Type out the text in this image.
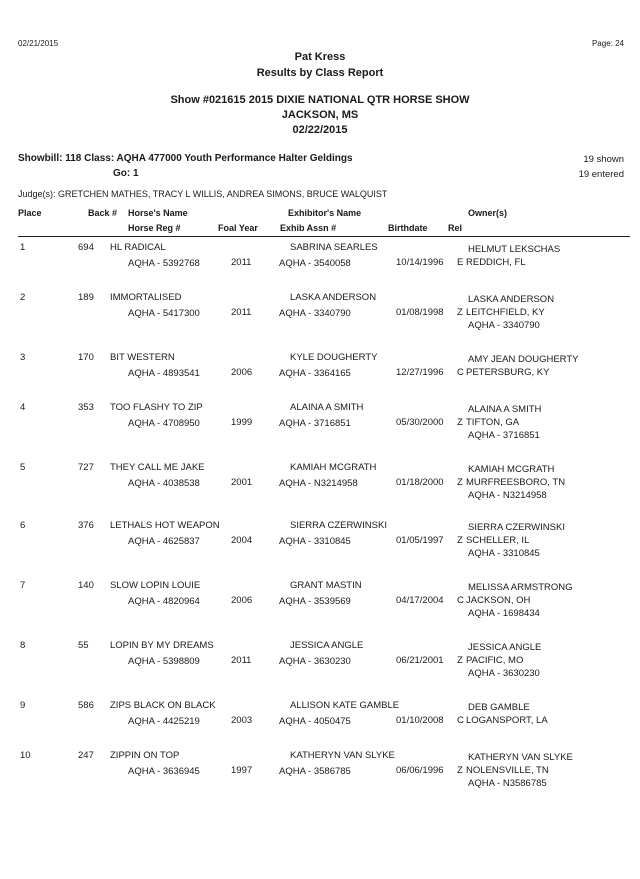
02/21/2015	Page: 24
Pat Kress
Results by Class Report
Show #021615 2015 DIXIE NATIONAL QTR HORSE SHOW
JACKSON, MS
02/22/2015
Showbill: 118 Class: AQHA 477000 Youth Performance Halter Geldings
Go: 1
19 shown
19 entered
Judge(s): GRETCHEN MATHES, TRACY L WILLIS, ANDREA SIMONS, BRUCE WALQUIST
Place	Back # Horse's Name	Exhibitor's Name	Owner(s)
Horse Reg #	Foal Year Exhib Assn #	Birthdate Rel
1	694 HL RADICAL	SABRINA SEARLES	HELMUT LEKSCHAS
AQHA - 5392768	2011	AQHA - 3540058	10/14/1996 E REDDICH, FL
2	189 IMMORTALISED	LASKA ANDERSON	LASKA ANDERSON
AQHA - 5417300	2011	AQHA - 3340790	01/08/1998 Z LEITCHFIELD, KY
AQHA - 3340790
3	170 BIT WESTERN	KYLE DOUGHERTY	AMY JEAN DOUGHERTY
AQHA - 4893541	2006	AQHA - 3364165	12/27/1996 C PETERSBURG, KY
4	353 TOO FLASHY TO ZIP	ALAINA A SMITH	ALAINA A SMITH
AQHA - 4708950	1999	AQHA - 3716851	05/30/2000 Z TIFTON, GA
AQHA - 3716851
5	727 THEY CALL ME JAKE	KAMIAH MCGRATH	KAMIAH MCGRATH
AQHA - 4038538	2001	AQHA - N3214958	01/18/2000 Z MURFREESBORO, TN
AQHA - N3214958
6	376 LETHALS HOT WEAPON	SIERRA CZERWINSKI	SIERRA CZERWINSKI
AQHA - 4625837	2004	AQHA - 3310845	01/05/1997 Z SCHELLER, IL
AQHA - 3310845
7	140 SLOW LOPIN LOUIE	GRANT MASTIN	MELISSA ARMSTRONG
AQHA - 4820964	2006	AQHA - 3539569	04/17/2004 C JACKSON, OH
AQHA - 1698434
8	55 LOPIN BY MY DREAMS	JESSICA ANGLE	JESSICA ANGLE
AQHA - 5398809	2011	AQHA - 3630230	06/21/2001 Z PACIFIC, MO
AQHA - 3630230
9	586 ZIPS BLACK ON BLACK	ALLISON KATE GAMBLE	DEB GAMBLE
AQHA - 4425219	2003	AQHA - 4050475	01/10/2008 C LOGANSPORT, LA
10	247 ZIPPIN ON TOP	KATHERYN VAN SLYKE	KATHERYN VAN SLYKE
AQHA - 3636945	1997	AQHA - 3586785	06/06/1996 Z NOLENSVILLE, TN
AQHA - N3586785
